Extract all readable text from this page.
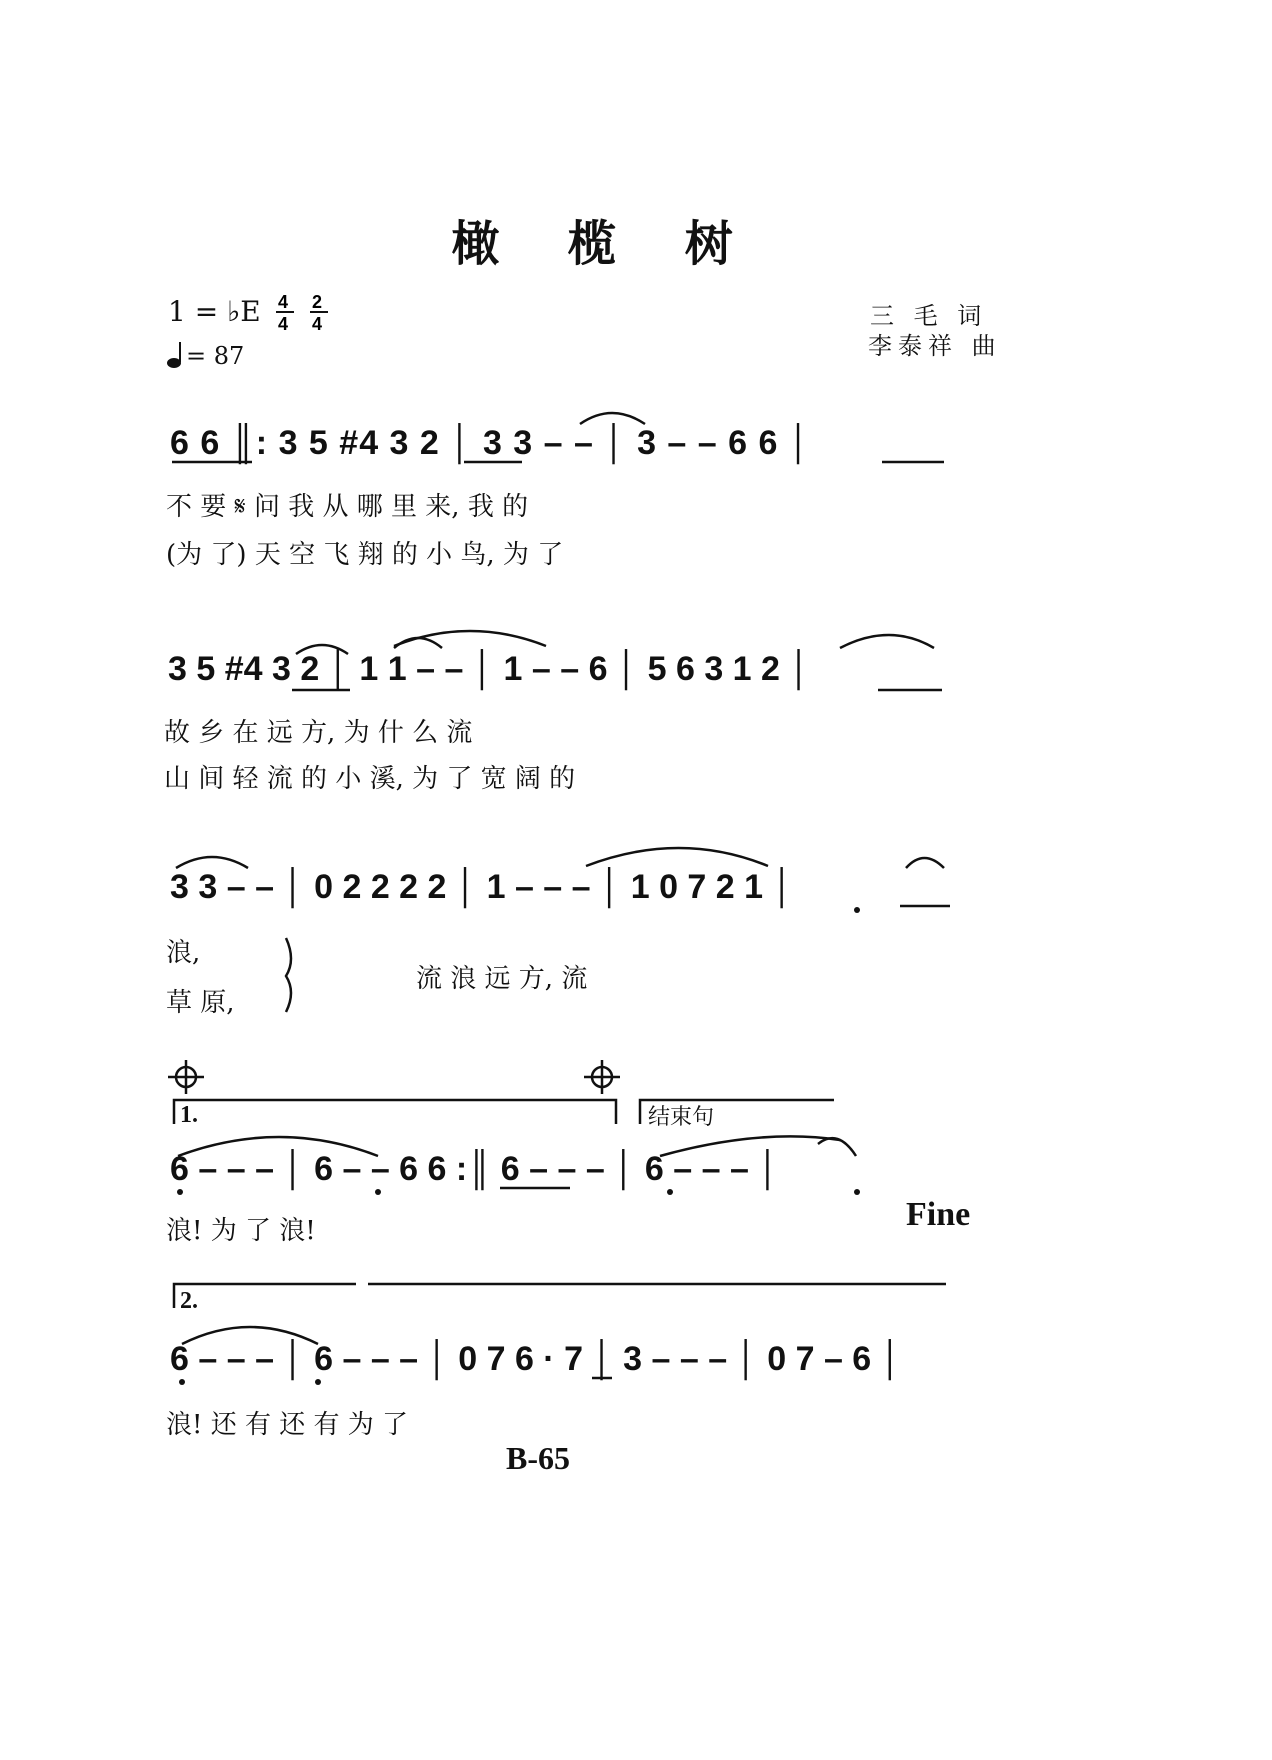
橄 榄 树
1 = ♭E 4
4
2
4
= 87
三 毛 词
李泰祥 曲
6 6 ║: 3 5 #4 3 2 │ 3 3 – – │ 3 – – 6 6 │
不 要 𝄋 问 我 从 哪 里 来, 我 的
(为 了) 天 空 飞 翔 的 小 鸟, 为 了
3 5 #4 3 2 │ 1 1 – – │ 1 – – 6 │ 5 6 3 1 2 │
故 乡 在 远 方, 为 什 么 流
山 间 轻 流 的 小 溪, 为 了 宽 阔 的
3 3 – – │ 0 2 2 2 2 │ 1 – – – │ 1 0 7 2 1 │
浪,
草 原,
流 浪 远 方, 流
1.	结束句
6 – – – │ 6 – – 6 6 :║ 6 – – – │ 6 – – – │
浪! 为 了 浪!	Fine
2.
6 – – – │ 6 – – – │ 0 7 6 · 7 │ 3 – – – │ 0 7 – 6 │
浪! 还 有 还 有 为 了
B-65
